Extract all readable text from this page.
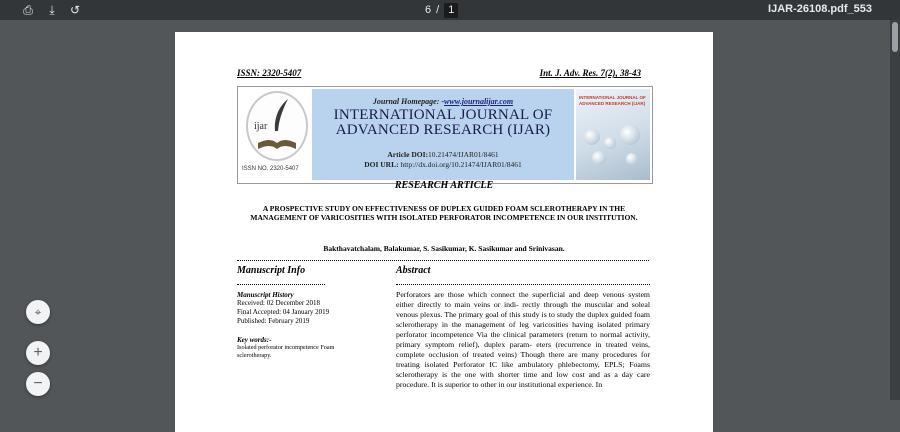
⎙	⤓	↺	6 / 1	IJAR-26108.pdf_553
⌖
+
−
ISSN: 2320-5407	Int. J. Adv. Res. 7(2), 38-43
ijar
ISSN NO. 2320-5407
Journal Homepage: -www.journalijar.com
INTERNATIONAL JOURNAL OF
ADVANCED RESEARCH (IJAR)
Article DOI:10.21474/IJAR01/8461
DOI URL: http://dx.doi.org/10.21474/IJAR01/8461
INTERNATIONAL JOURNAL OF ADVANCED RESEARCH (IJAR)
RESEARCH ARTICLE
A PROSPECTIVE STUDY ON EFFECTIVENESS OF DUPLEX GUIDED FOAM SCLEROTHERAPY IN THE MANAGEMENT OF VARICOSITIES WITH ISOLATED PERFORATOR INCOMPETENCE IN OUR INSTITUTION.
Bakthavatchalam, Balakumar, S. Sasikumar, K. Sasikumar and Srinivasan.
Manuscript Info	Abstract
Manuscript History
Received: 02 December 2018
Final Accepted: 04 January 2019
Published: February 2019
Key words:-
Isolated perforator incompetence Foam sclerotherapy.
Perforators are those which connect the superficial and deep venous system either directly to main veins or indi- rectly through the muscular and soleal venous plexus. The primary goal of this study is to study the duplex guided foam sclerotherapy in the management of leg varicosities having isolated primary perforator incompetence Via the clinical parameters (return to normal activity, primary symptom relief), duplex param- eters (recurrence in treated veins, complete occlusion of treated veins) Though there are many procedures for treating isolated Perforator IC like ambulatory phlebectomy, EPLS; Foams sclerotherapy is the one with shorter time and low cost and as a day care procedure. It is superior to other in our institutional experience. In
